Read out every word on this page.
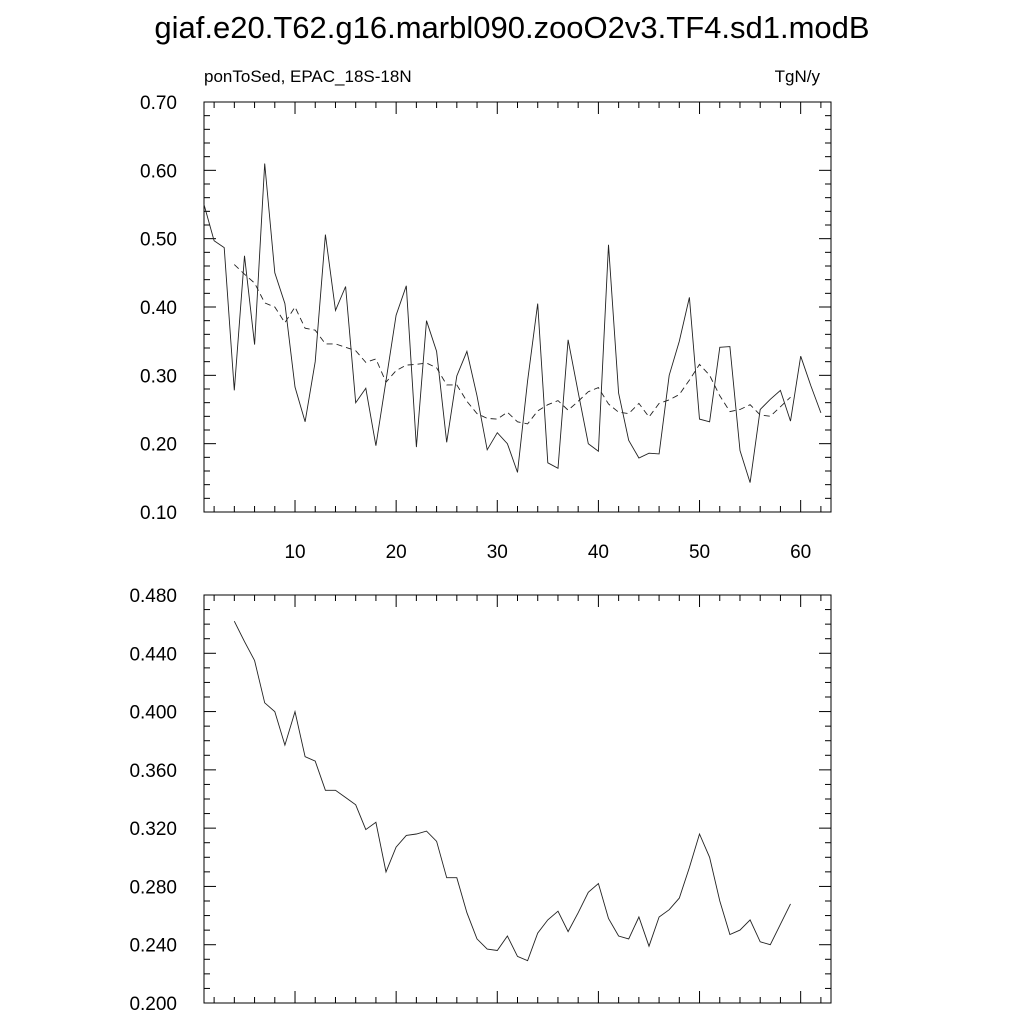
giaf.e20.T62.g16.marbl090.zooO2v3.TF4.sd1.modB
ponToSed, EPAC_18S-18N	TgN/y
0.10
0.20
0.30
0.40
0.50
0.60
0.70
10	20	30	40	50	60
0.200
0.240
0.280
0.320
0.360
0.400
0.440
0.480
